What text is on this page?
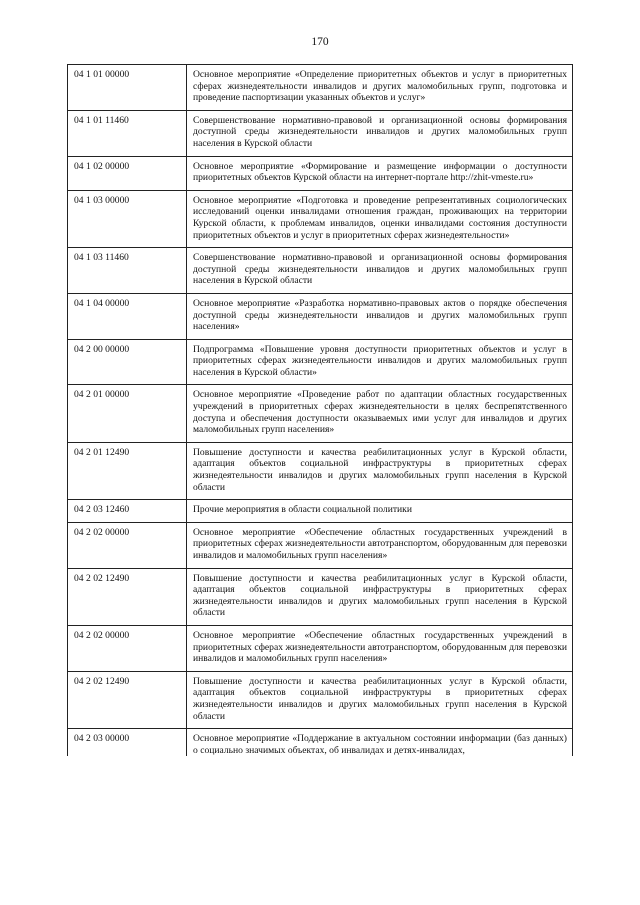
170
04 1 01 00000	Основное мероприятие «Определение приоритетных объектов и услуг в приоритетных сферах жизнедеятельности инвалидов и других маломобильных групп, подготовка и проведение паспортизации указанных объектов и услуг»
04 1 01 11460	Совершенствование нормативно-правовой и организационной основы формирования доступной среды жизнедеятельности инвалидов и других маломобильных групп населения в Курской области
04 1 02 00000	Основное мероприятие «Формирование и размещение информации о доступности приоритетных объектов Курской области на интернет-портале http://zhit-vmeste.ru»
04 1 03 00000	Основное мероприятие «Подготовка и проведение репрезентативных социологических исследований оценки инвалидами отношения граждан, проживающих на территории Курской области, к проблемам инвалидов, оценки инвалидами состояния доступности приоритетных объектов и услуг в приоритетных сферах жизнедеятельности»
04 1 03 11460	Совершенствование нормативно-правовой и организационной основы формирования доступной среды жизнедеятельности инвалидов и других маломобильных групп населения в Курской области
04 1 04 00000	Основное мероприятие «Разработка нормативно-правовых актов о порядке обеспечения доступной среды жизнедеятельности инвалидов и других маломобильных групп населения»
04 2 00 00000	Подпрограмма «Повышение уровня доступности приоритетных объектов и услуг в приоритетных сферах жизнедеятельности инвалидов и других маломобильных групп населения в Курской области»
04 2 01 00000	Основное мероприятие «Проведение работ по адаптации областных государственных учреждений в приоритетных сферах жизнедеятельности в целях беспрепятственного доступа и обеспечения доступности оказываемых ими услуг для инвалидов и других маломобильных групп населения»
04 2 01 12490	Повышение доступности и качества реабилитационных услуг в Курской области, адаптация объектов социальной инфраструктуры в приоритетных сферах жизнедеятельности инвалидов и других маломобильных групп населения в Курской области
04 2 03 12460	Прочие мероприятия в области социальной политики
04 2 02 00000	Основное мероприятие «Обеспечение областных государственных учреждений в приоритетных сферах жизнедеятельности автотранспортом, оборудованным для перевозки инвалидов и маломобильных групп населения»
04 2 02 12490	Повышение доступности и качества реабилитационных услуг в Курской области, адаптация объектов социальной инфраструктуры в приоритетных сферах жизнедеятельности инвалидов и других маломобильных групп населения в Курской области
04 2 02 00000	Основное мероприятие «Обеспечение областных государственных учреждений в приоритетных сферах жизнедеятельности автотранспортом, оборудованным для перевозки инвалидов и маломобильных групп населения»
04 2 02 12490	Повышение доступности и качества реабилитационных услуг в Курской области, адаптация объектов социальной инфраструктуры в приоритетных сферах жизнедеятельности инвалидов и других маломобильных групп населения в Курской области
04 2 03 00000	Основное мероприятие «Поддержание в актуальном состоянии информации (баз данных) о социально значимых объектах, об инвалидах и детях-инвалидах,
